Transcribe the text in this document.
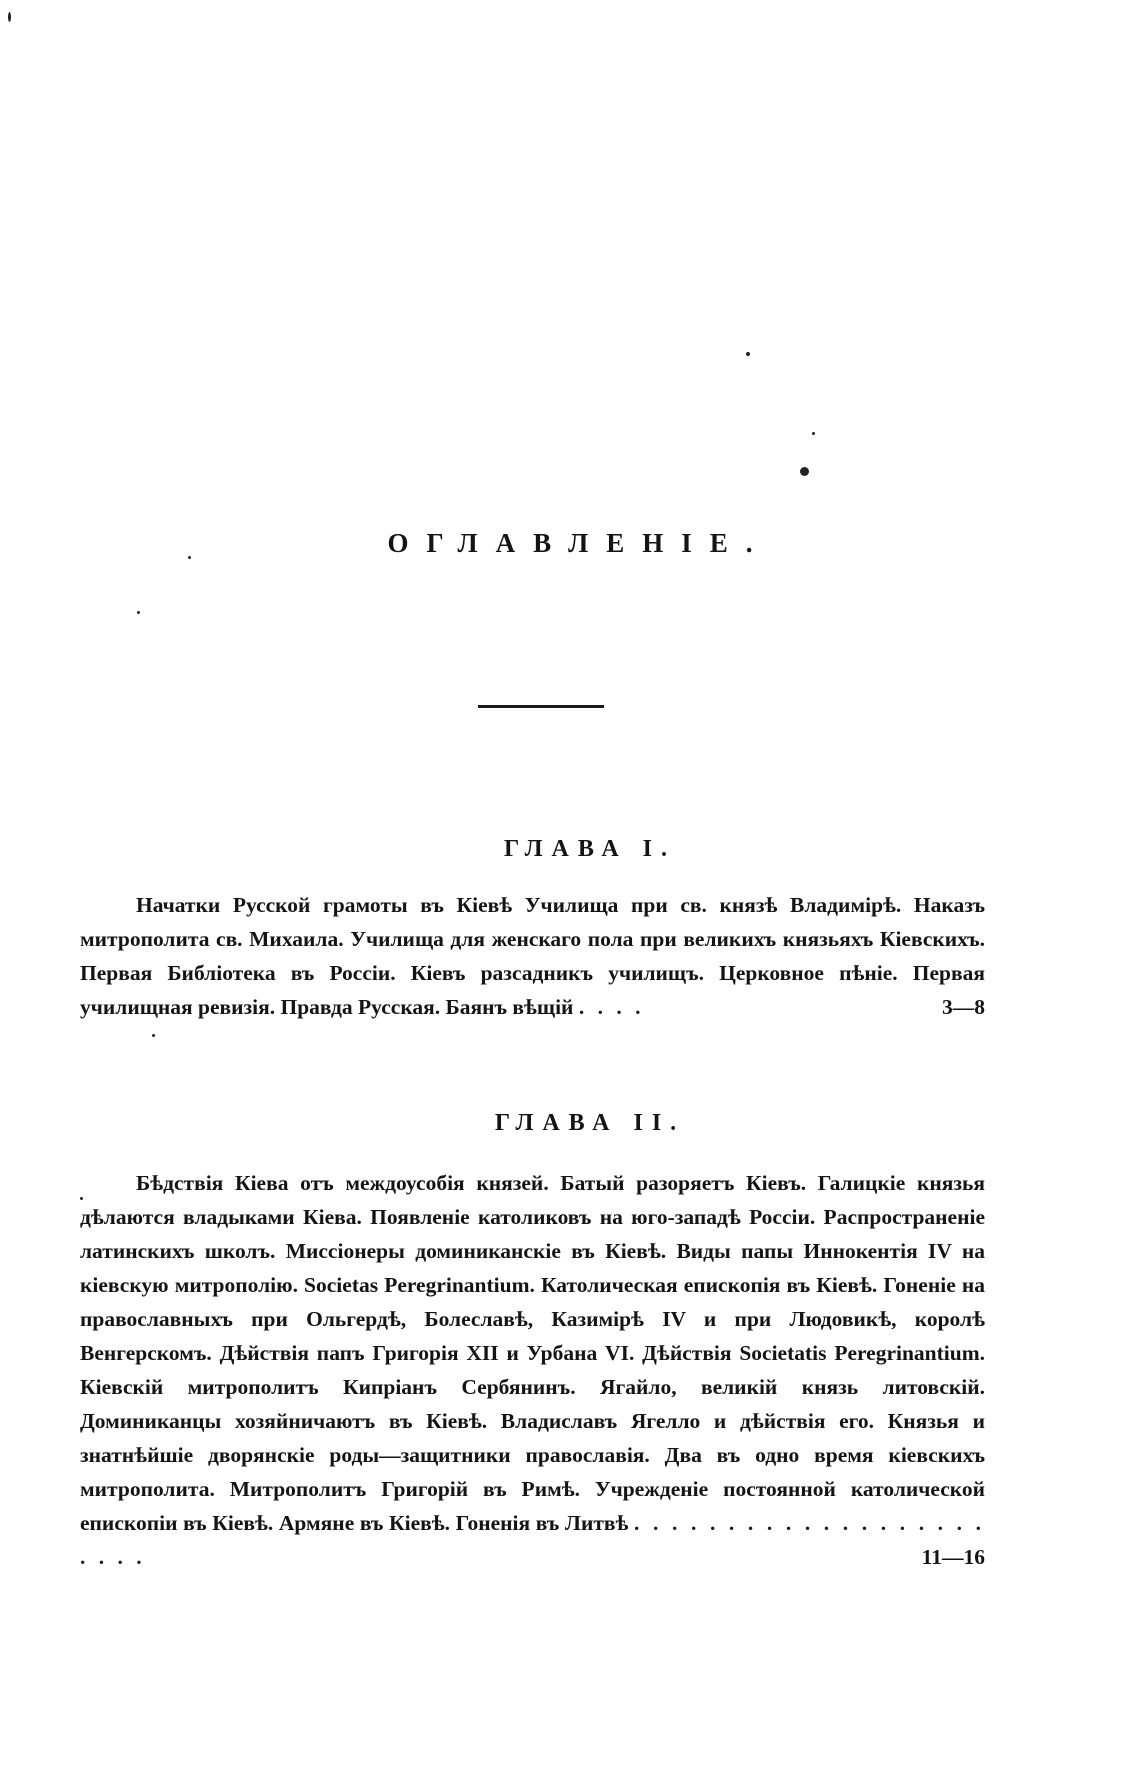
ОГЛАВЛЕНІЕ.
ГЛАВА I.

Начатки Русской грамоты въ Кіевѣ Училища при св. князѣ Владимірѣ. Наказъ митрополита св. Михаила. Училища для женскаго пола при великихъ князьяхъ Кіевскихъ. Первая Библіотека въ Россіи. Кіевъ разсадникъ училищъ. Церковное пѣніе. Первая училищная ревизія. Правда Русская. Баянъ вѣщій . . . .	3—8

ГЛАВА II.

Бѣдствія Кіева отъ междоусобія князей. Батый разоряетъ Кіевъ. Галицкіе князья дѣлаются владыками Кіева. Появленіе католиковъ на юго-западѣ Россіи. Распространеніе латинскихъ школъ. Миссіонеры доминиканскіе въ Кіевѣ. Виды папы Иннокентія IV на кіевскую митрополію. Societas Peregrinantium. Католическая епископія въ Кіевѣ. Гоненіе на православныхъ при Ольгердѣ, Болеславѣ, Казимірѣ IV и при Людовикѣ, королѣ Венгерскомъ. Дѣйствія папъ Григорія XII и Урбана VI. Дѣйствія Societatis Peregrinantium. Кіевскій митрополитъ Кипріанъ Сербянинъ. Ягайло, великій князь литовскій. Доминиканцы хозяйничаютъ въ Кіевѣ. Владиславъ Ягелло и дѣйствія его. Князья и знатнѣйшіе дворянскіе роды—защитники православія. Два въ одно время кіевскихъ митрополита. Митрополитъ Григорій въ Римѣ. Учрежденіе постоянной католической епископіи въ Кіевѣ. Армяне въ Кіевѣ. Гоненія въ Литвѣ . . . . . . . . . . . . . . . . . . . . . . .	11—16
